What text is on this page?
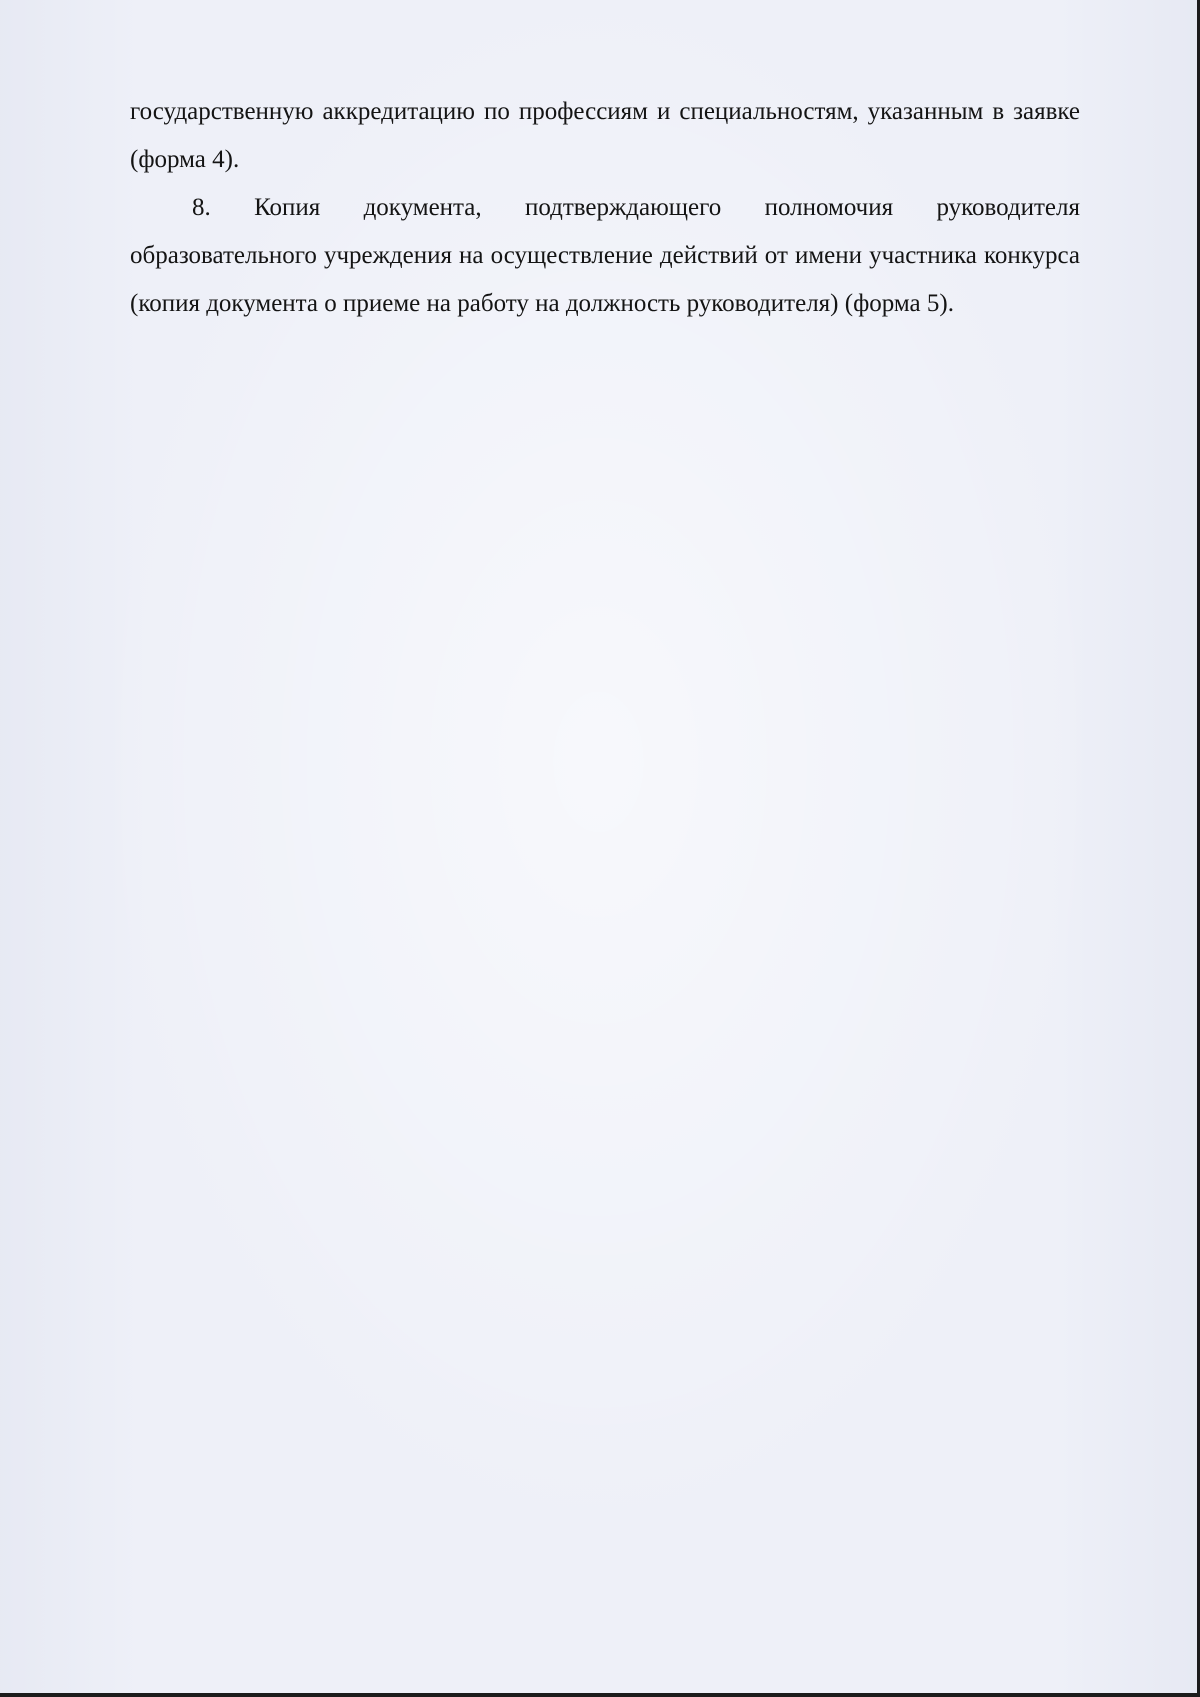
государственную аккредитацию по профессиям и специальностям, указанным в заявке (форма 4).

8. Копия документа, подтверждающего полномочия руководителя образовательного учреждения на осуществление действий от имени участника конкурса (копия документа о приеме на работу на должность руководителя) (форма 5).
